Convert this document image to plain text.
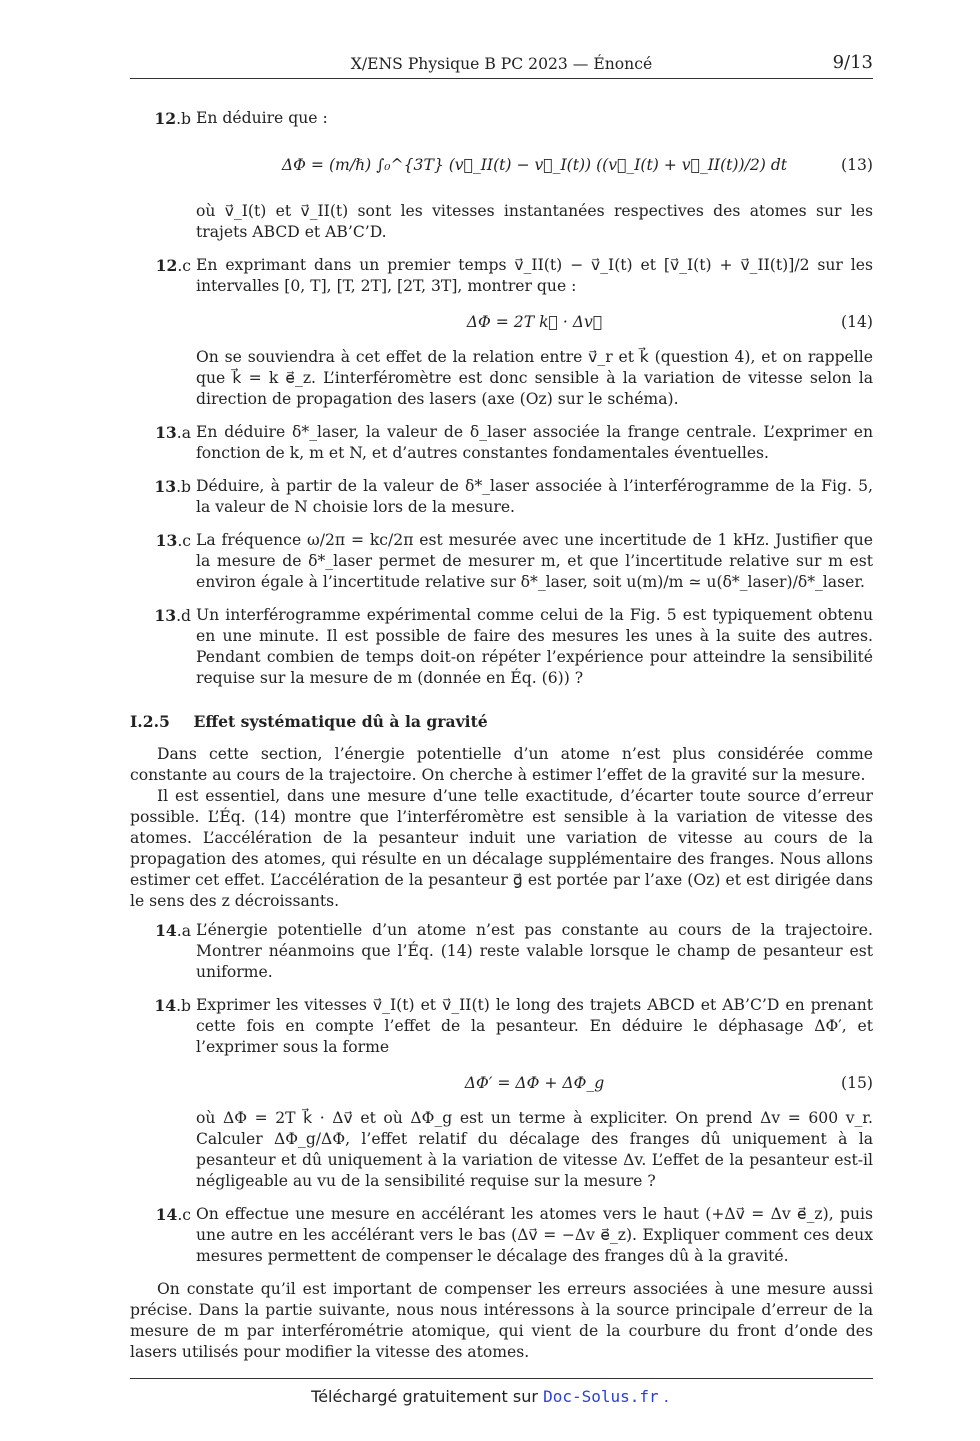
X/ENS Physique B PC 2023 — Énoncé	9/13
12.b En déduire que :

ΔΦ = (m/ℏ) ∫₀^{3T} (v⃗_II(t) − v⃗_I(t)) ((v⃗_I(t) + v⃗_II(t))/2) dt	(13)

où v⃗_I(t) et v⃗_II(t) sont les vitesses instantanées respectives des atomes sur les trajets ABCD et AB’C’D.

12.c En exprimant dans un premier temps v⃗_II(t) − v⃗_I(t) et [v⃗_I(t) + v⃗_II(t)]/2 sur les intervalles [0, T], [T, 2T], [2T, 3T], montrer que :

ΔΦ = 2T k⃗ · Δv⃗	(14)

On se souviendra à cet effet de la relation entre v⃗_r et k⃗ (question 4), et on rappelle que k⃗ = k e⃗_z. L’interféromètre est donc sensible à la variation de vitesse selon la direction de propagation des lasers (axe (Oz) sur le schéma).

13.a En déduire δ*_laser, la valeur de δ_laser associée la frange centrale. L’exprimer en fonction de k, m et N, et d’autres constantes fondamentales éventuelles.

13.b Déduire, à partir de la valeur de δ*_laser associée à l’interférogramme de la Fig. 5, la valeur de N choisie lors de la mesure.

13.c La fréquence ω/2π = kc/2π est mesurée avec une incertitude de 1 kHz. Justifier que la mesure de δ*_laser permet de mesurer m, et que l’incertitude relative sur m est environ égale à l’incertitude relative sur δ*_laser, soit u(m)/m ≃ u(δ*_laser)/δ*_laser.

13.d Un interférogramme expérimental comme celui de la Fig. 5 est typiquement obtenu en une minute. Il est possible de faire des mesures les unes à la suite des autres. Pendant combien de temps doit-on répéter l’expérience pour atteindre la sensibilité requise sur la mesure de m (donnée en Éq. (6)) ?

I.2.5 Effet systématique dû à la gravité

Dans cette section, l’énergie potentielle d’un atome n’est plus considérée comme constante au cours de la trajectoire. On cherche à estimer l’effet de la gravité sur la mesure.

Il est essentiel, dans une mesure d’une telle exactitude, d’écarter toute source d’erreur possible. L’Éq. (14) montre que l’interféromètre est sensible à la variation de vitesse des atomes. L’accélération de la pesanteur induit une variation de vitesse au cours de la propagation des atomes, qui résulte en un décalage supplémentaire des franges. Nous allons estimer cet effet. L’accélération de la pesanteur g⃗ est portée par l’axe (Oz) et est dirigée dans le sens des z décroissants.

14.a L’énergie potentielle d’un atome n’est pas constante au cours de la trajectoire. Montrer néanmoins que l’Éq. (14) reste valable lorsque le champ de pesanteur est uniforme.

14.b Exprimer les vitesses v⃗_I(t) et v⃗_II(t) le long des trajets ABCD et AB’C’D en prenant cette fois en compte l’effet de la pesanteur. En déduire le déphasage ΔΦ′, et l’exprimer sous la forme

ΔΦ′ = ΔΦ + ΔΦ_g	(15)

où ΔΦ = 2T k⃗ · Δv⃗ et où ΔΦ_g est un terme à expliciter. On prend Δv = 600 v_r. Calculer ΔΦ_g/ΔΦ, l’effet relatif du décalage des franges dû uniquement à la pesanteur et dû uniquement à la variation de vitesse Δv. L’effet de la pesanteur est-il négligeable au vu de la sensibilité requise sur la mesure ?

14.c On effectue une mesure en accélérant les atomes vers le haut (+Δv⃗ = Δv e⃗_z), puis une autre en les accélérant vers le bas (Δv⃗ = −Δv e⃗_z). Expliquer comment ces deux mesures permettent de compenser le décalage des franges dû à la gravité.

On constate qu’il est important de compenser les erreurs associées à une mesure aussi précise. Dans la partie suivante, nous nous intéressons à la source principale d’erreur de la mesure de m par interférométrie atomique, qui vient de la courbure du front d’onde des lasers utilisés pour modifier la vitesse des atomes.

Téléchargé gratuitement sur Doc-Solus.fr .
